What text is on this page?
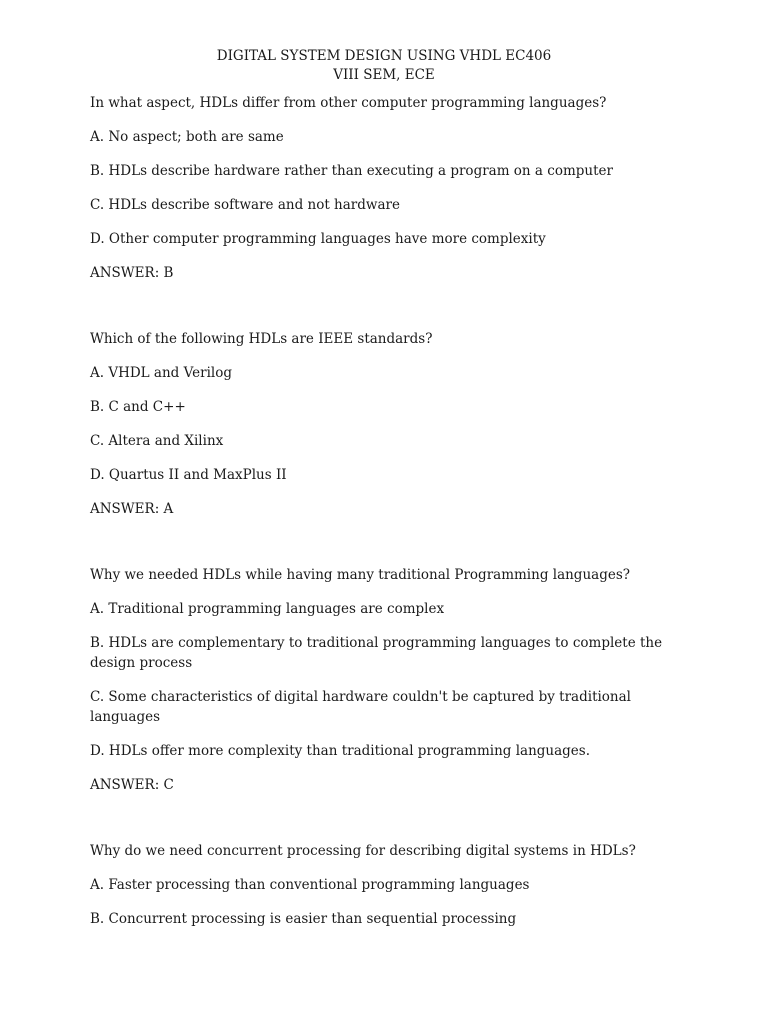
DIGITAL SYSTEM DESIGN USING VHDL EC406
VIII SEM, ECE

In what aspect, HDLs differ from other computer programming languages?

A. No aspect; both are same

B. HDLs describe hardware rather than executing a program on a computer

C. HDLs describe software and not hardware

D. Other computer programming languages have more complexity

ANSWER: B

Which of the following HDLs are IEEE standards?

A. VHDL and Verilog

B. C and C++

C. Altera and Xilinx

D. Quartus II and MaxPlus II

ANSWER: A

Why we needed HDLs while having many traditional Programming languages?

A. Traditional programming languages are complex

B. HDLs are complementary to traditional programming languages to complete the design process

C. Some characteristics of digital hardware couldn't be captured by traditional languages

D. HDLs offer more complexity than traditional programming languages.

ANSWER: C

Why do we need concurrent processing for describing digital systems in HDLs?

A. Faster processing than conventional programming languages

B. Concurrent processing is easier than sequential processing
